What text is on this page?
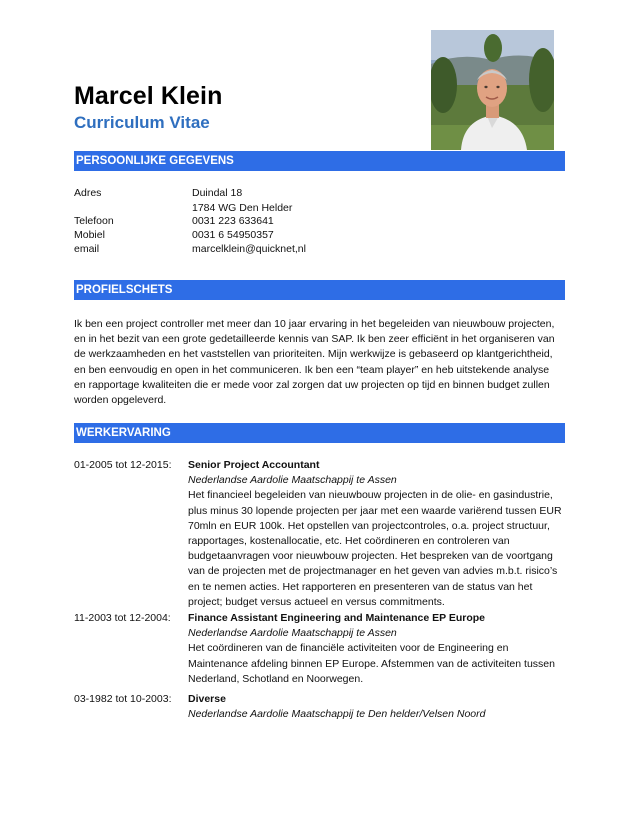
Marcel Klein
Curriculum Vitae
PERSOONLIJKE GEGEVENS
Adres	Duindal 18
1784 WG Den Helder
Telefoon	0031 223 633641
Mobiel	0031 6 54950357
email	marcelklein@quicknet,nl
PROFIELSCHETS
Ik ben een project controller met meer dan 10 jaar ervaring in het begeleiden van nieuwbouw projecten,
en in het bezit van een grote gedetailleerde kennis van SAP. Ik ben zeer efficiënt in het organiseren van
de werkzaamheden en het vaststellen van prioriteiten. Mijn werkwijze is gebaseerd op klantgerichtheid,
en ben eenvoudig en open in het communiceren. Ik ben een “team player” en heb uitstekende analyse
en rapportage kwaliteiten die er mede voor zal zorgen dat uw projecten op tijd en binnen budget zullen
worden opgeleverd.
WERKERVARING
01-2005 tot 12-2015: Senior Project Accountant
Nederlandse Aardolie Maatschappij te Assen
Het financieel begeleiden van nieuwbouw projecten in de olie- en gasindustrie,
plus minus 30 lopende projecten per jaar met een waarde variërend tussen EUR
70mln en EUR 100k. Het opstellen van projectcontroles, o.a. project structuur,
rapportages, kostenallocatie, etc. Het coördineren en controleren van
budgetaanvragen voor nieuwbouw projecten. Het bespreken van de voortgang
van de projecten met de projectmanager en het geven van advies m.b.t. risico’s
en te nemen acties. Het rapporteren en presenteren van de status van het
project; budget versus actueel en versus commitments.
11-2003 tot 12-2004: Finance Assistant Engineering and Maintenance EP Europe
Nederlandse Aardolie Maatschappij te Assen
Het coördineren van de financiële activiteiten voor de Engineering en
Maintenance afdeling binnen EP Europe. Afstemmen van de activiteiten tussen
Nederland, Schotland en Noorwegen.
03-1982 tot 10-2003: Diverse
Nederlandse Aardolie Maatschappij te Den helder/Velsen Noord
